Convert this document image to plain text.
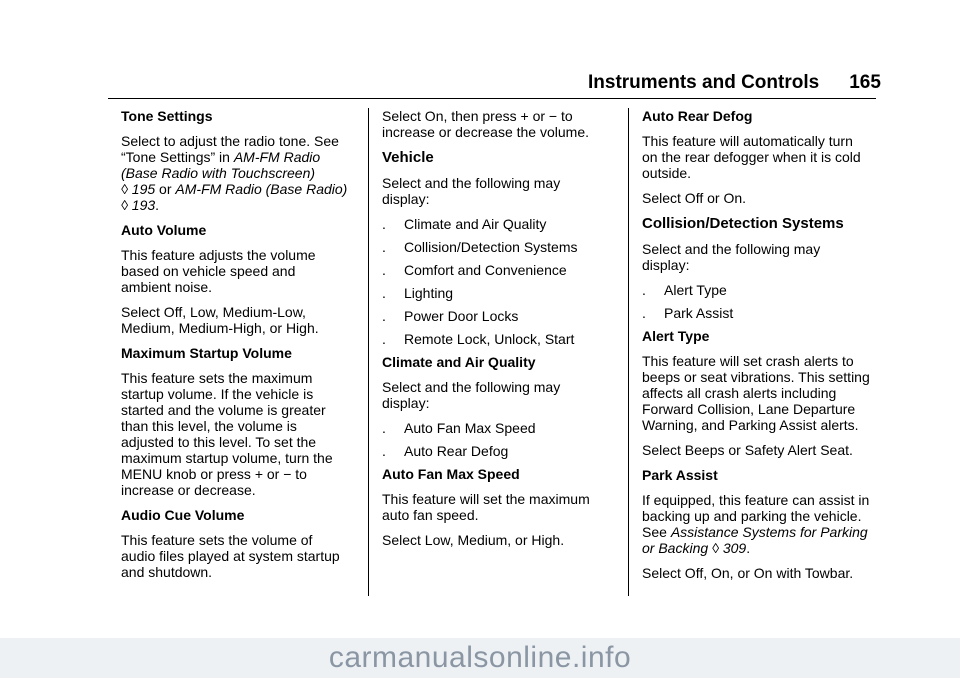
Instruments and Controls 165
Tone Settings

Select to adjust the radio tone. See “Tone Settings” in AM-FM Radio (Base Radio with Touchscreen)
◊ 195 or AM-FM Radio (Base Radio) ◊ 193.

Auto Volume

This feature adjusts the volume based on vehicle speed and ambient noise.

Select Off, Low, Medium-Low, Medium, Medium-High, or High.

Maximum Startup Volume

This feature sets the maximum startup volume. If the vehicle is started and the volume is greater than this level, the volume is adjusted to this level. To set the maximum startup volume, turn the MENU knob or press + or − to increase or decrease.

Audio Cue Volume

This feature sets the volume of audio files played at system startup and shutdown.

Select On, then press + or − to increase or decrease the volume.

Vehicle

Select and the following may display:

.	Climate and Air Quality
.	Collision/Detection Systems
.	Comfort and Convenience
.	Lighting
.	Power Door Locks
.	Remote Lock, Unlock, Start
Climate and Air Quality

Select and the following may display:

.	Auto Fan Max Speed
.	Auto Rear Defog
Auto Fan Max Speed

This feature will set the maximum auto fan speed.

Select Low, Medium, or High.

Auto Rear Defog

This feature will automatically turn on the rear defogger when it is cold outside.

Select Off or On.

Collision/Detection Systems

Select and the following may display:

.	Alert Type
.	Park Assist
Alert Type

This feature will set crash alerts to beeps or seat vibrations. This setting affects all crash alerts including Forward Collision, Lane Departure Warning, and Parking Assist alerts.

Select Beeps or Safety Alert Seat.

Park Assist

If equipped, this feature can assist in backing up and parking the vehicle. See Assistance Systems for Parking or Backing ◊ 309.

Select Off, On, or On with Towbar.

carmanualsonline.info
